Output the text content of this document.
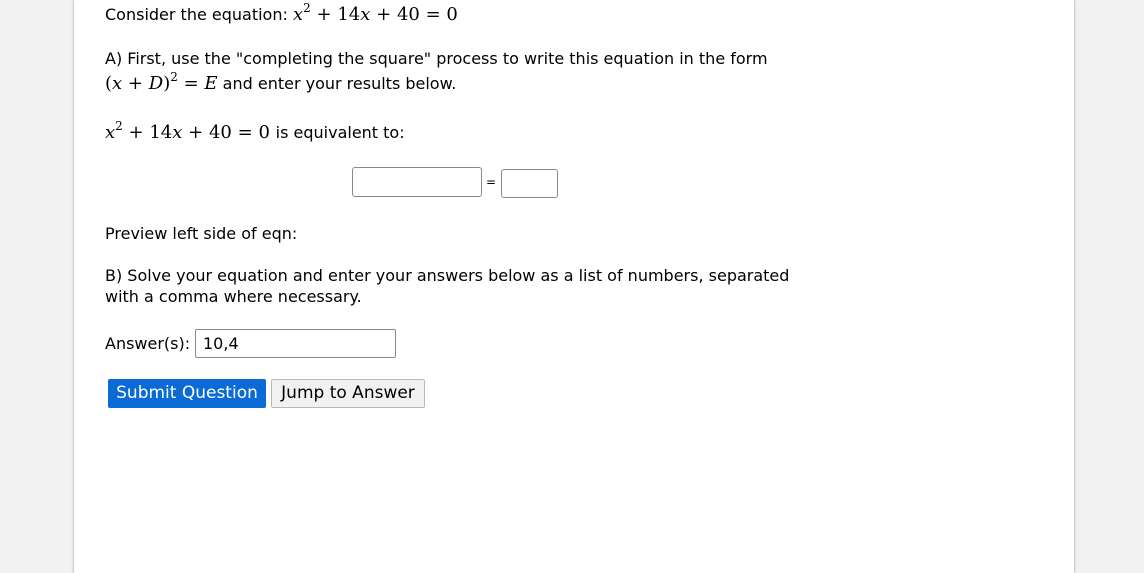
Consider the equation: $x^2 + 14x + 40 = 0$
A) First, use the "completing the square" process to write this equation in the form
$(x + D)^2 = E$ and enter your results below.
$x^2 + 14x + 40 = 0$ is equivalent to:
=
Preview left side of eqn:
B) Solve your equation and enter your answers below as a list of numbers, separated
with a comma where necessary.
Answer(s): 10,4
Submit Question	Jump to Answer
